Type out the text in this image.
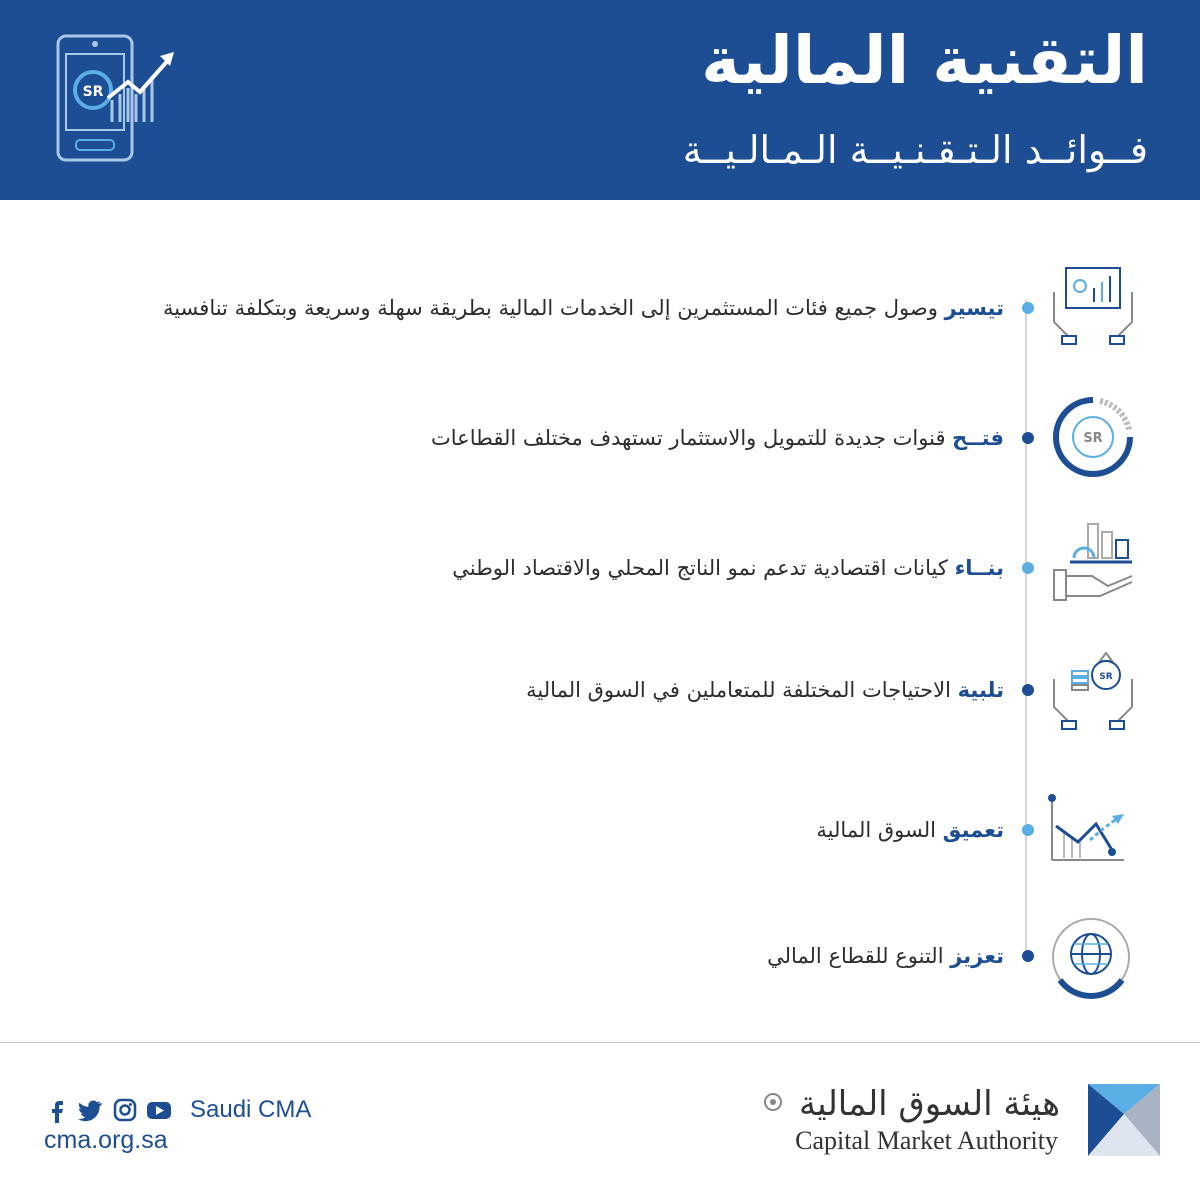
SR	التقنية المالية
فــوائــد الـتـقـنـيــة الـمـالـيــة
تيسير وصول جميع فئات المستثمرين إلى الخدمات المالية بطريقة سهلة وسريعة وبتكلفة تنافسية
فتــح قنوات جديدة للتمويل والاستثمار تستهدف مختلف القطاعات	SR
بنــاء كيانات اقتصادية تدعم نمو الناتج المحلي والاقتصاد الوطني
تلبية الاحتياجات المختلفة للمتعاملين في السوق المالية
SR
تعميق السوق المالية
تعزيز التنوع للقطاع المالي
Saudi CMA
cma.org.sa
هيئة السوق المالية
Capital Market Authority
